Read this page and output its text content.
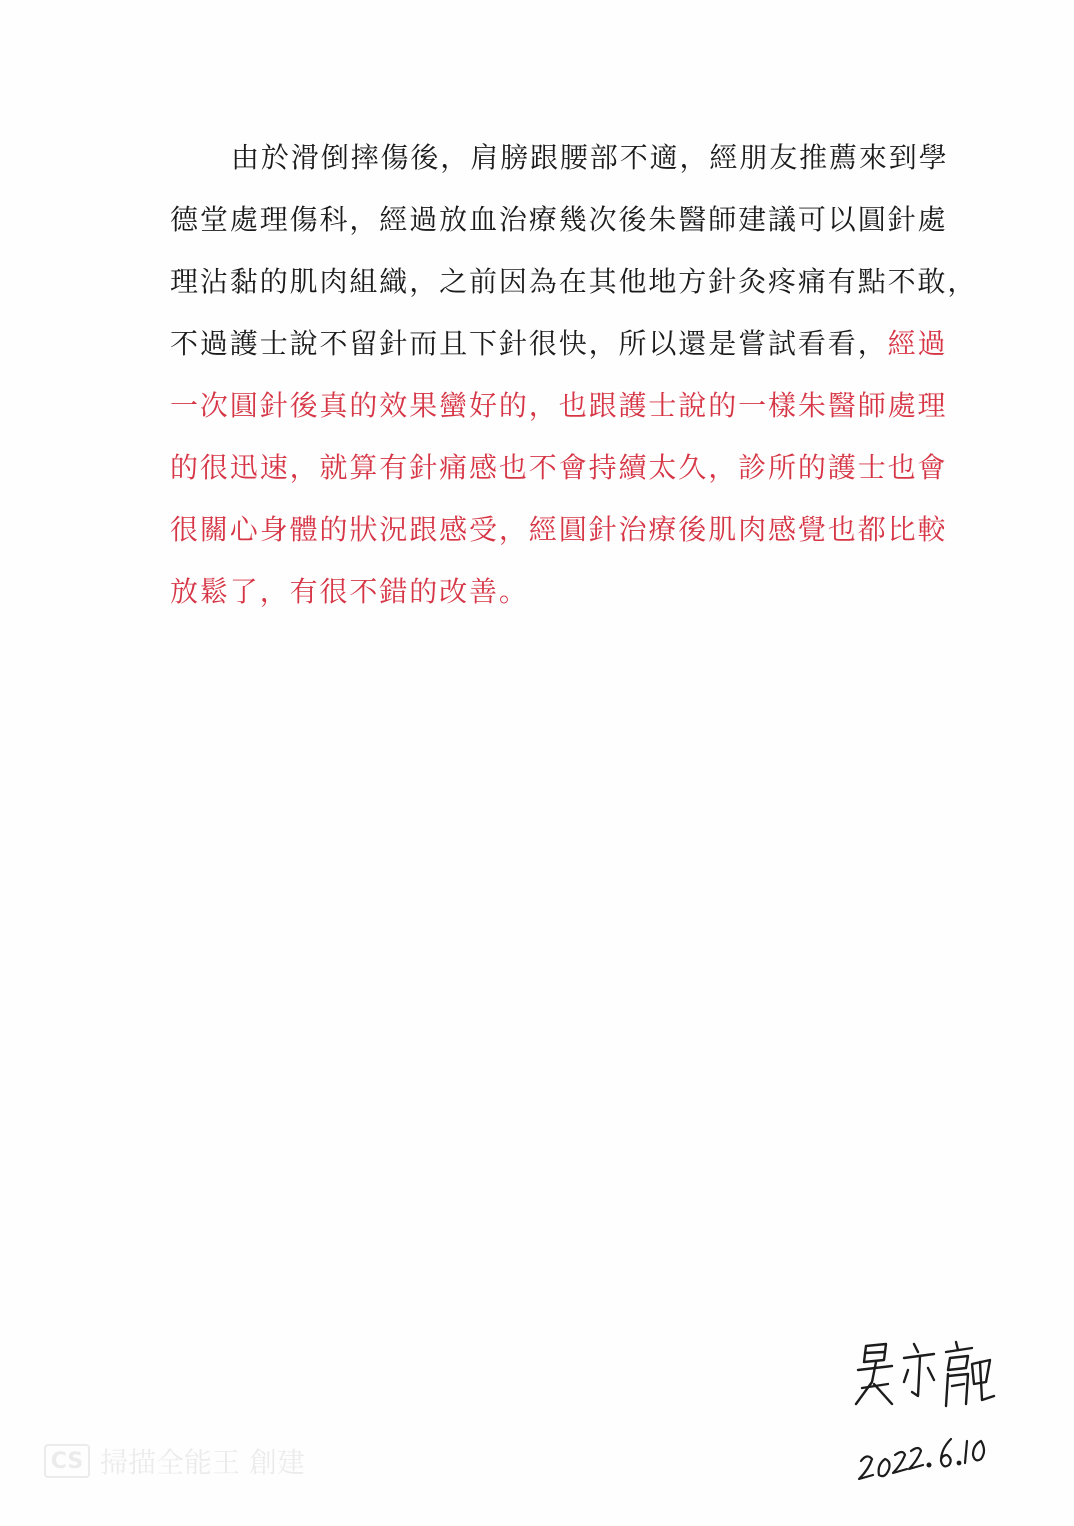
由於滑倒摔傷後，肩膀跟腰部不適，經朋友推薦來到學
德堂處理傷科，經過放血治療幾次後朱醫師建議可以圓針處
理沾黏的肌肉組織，之前因為在其他地方針灸疼痛有點不敢，
不過護士說不留針而且下針很快，所以還是嘗試看看，經過
一次圓針後真的效果蠻好的，也跟護士說的一樣朱醫師處理
的很迅速，就算有針痛感也不會持續太久，診所的護士也會
很關心身體的狀況跟感受，經圓針治療後肌肉感覺也都比較
放鬆了，有很不錯的改善。
CS 掃描全能王 創建
